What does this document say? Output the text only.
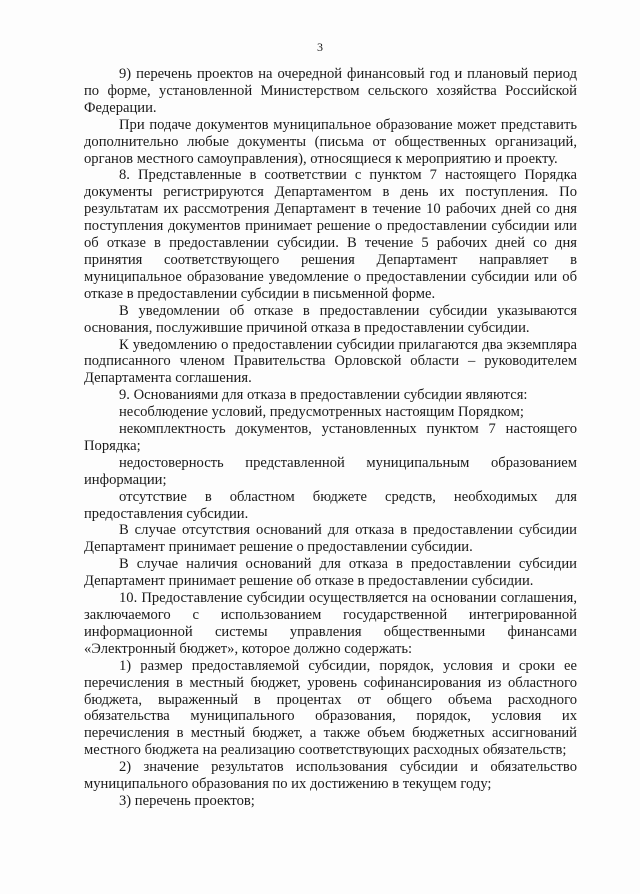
3

9) перечень проектов на очередной финансовый год и плановый период по форме, установленной Министерством сельского хозяйства Российской Федерации.

При подаче документов муниципальное образование может представить дополнительно любые документы (письма от общественных организаций, органов местного самоуправления), относящиеся к мероприятию и проекту.

8. Представленные в соответствии с пунктом 7 настоящего Порядка документы регистрируются Департаментом в день их поступления. По результатам их рассмотрения Департамент в течение 10 рабочих дней со дня поступления документов принимает решение о предоставлении субсидии или об отказе в предоставлении субсидии. В течение 5 рабочих дней со дня принятия соответствующего решения Департамент направляет в муниципальное образование уведомление о предоставлении субсидии или об отказе в предоставлении субсидии в письменной форме.

В уведомлении об отказе в предоставлении субсидии указываются основания, послужившие причиной отказа в предоставлении субсидии.

К уведомлению о предоставлении субсидии прилагаются два экземпляра подписанного членом Правительства Орловской области – руководителем Департамента соглашения.

9. Основаниями для отказа в предоставлении субсидии являются:

несоблюдение условий, предусмотренных настоящим Порядком;

некомплектность документов, установленных пунктом 7 настоящего Порядка;

недостоверность представленной муниципальным образованием информации;

отсутствие в областном бюджете средств, необходимых для предоставления субсидии.

В случае отсутствия оснований для отказа в предоставлении субсидии Департамент принимает решение о предоставлении субсидии.

В случае наличия оснований для отказа в предоставлении субсидии Департамент принимает решение об отказе в предоставлении субсидии.

10. Предоставление субсидии осуществляется на основании соглашения, заключаемого с использованием государственной интегрированной информационной системы управления общественными финансами «Электронный бюджет», которое должно содержать:

1) размер предоставляемой субсидии, порядок, условия и сроки ее перечисления в местный бюджет, уровень софинансирования из областного бюджета, выраженный в процентах от общего объема расходного обязательства муниципального образования, порядок, условия их перечисления в местный бюджет, а также объем бюджетных ассигнований местного бюджета на реализацию соответствующих расходных обязательств;

2) значение результатов использования субсидии и обязательство муниципального образования по их достижению в текущем году;

3) перечень проектов;
